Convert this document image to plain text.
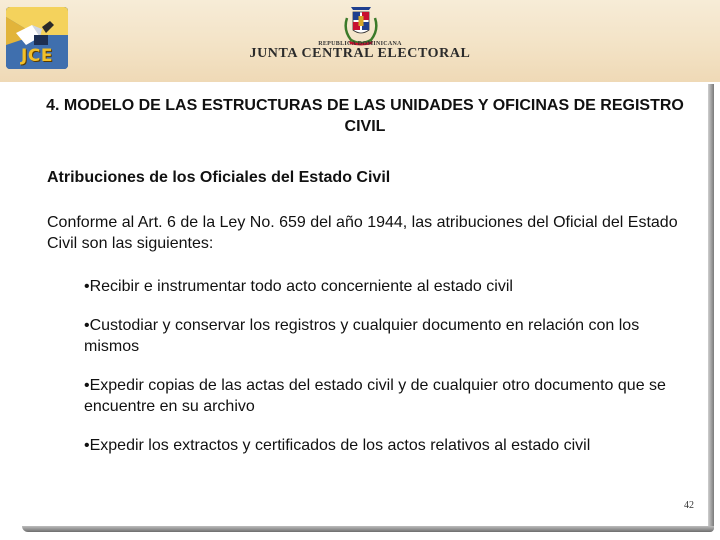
JCE
REPUBLICA DOMINICANA
JUNTA CENTRAL ELECTORAL
4. MODELO DE LAS ESTRUCTURAS DE LAS UNIDADES Y OFICINAS DE REGISTRO CIVIL
Atribuciones de los Oficiales del Estado Civil
Conforme al Art. 6 de la Ley No. 659 del año 1944, las atribuciones del Oficial del Estado Civil son las siguientes:
•Recibir e instrumentar todo acto concerniente al estado civil
•Custodiar y conservar los registros y cualquier documento en relación con los mismos
•Expedir copias de las actas del estado civil y de cualquier otro documento que se encuentre en su archivo
•Expedir los extractos y certificados de los actos relativos al estado civil
42
